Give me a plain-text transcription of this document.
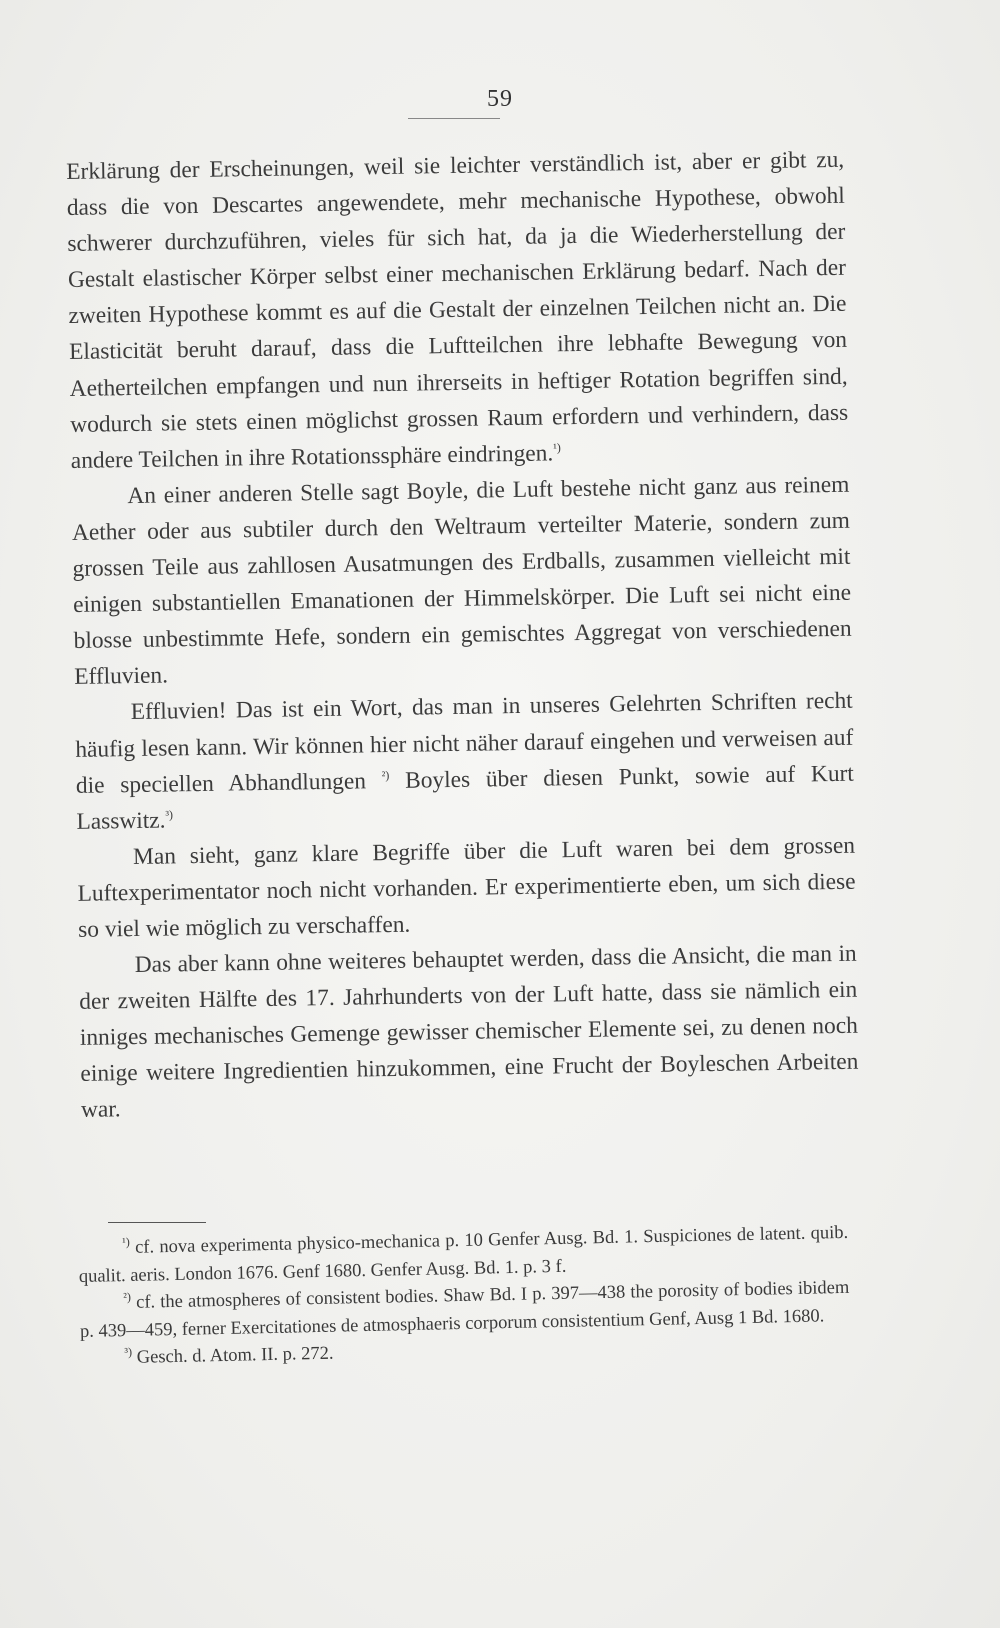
59

Erklärung der Erscheinungen, weil sie leichter verständlich ist, aber er gibt zu, dass die von Descartes angewendete, mehr mechanische Hypothese, obwohl schwerer durchzuführen, vieles für sich hat, da ja die Wiederherstellung der Gestalt elastischer Körper selbst einer mechanischen Erklärung bedarf. Nach der zweiten Hypothese kommt es auf die Gestalt der einzelnen Teilchen nicht an. Die Elasticität beruht darauf, dass die Luftteilchen ihre lebhafte Bewegung von Aetherteilchen empfangen und nun ihrerseits in heftiger Rotation begriffen sind, wodurch sie stets einen möglichst grossen Raum erfordern und verhindern, dass andere Teilchen in ihre Rotationssphäre eindringen.$^{^1)}$

An einer anderen Stelle sagt Boyle, die Luft bestehe nicht ganz aus reinem Aether oder aus subtiler durch den Weltraum verteilter Materie, sondern zum grossen Teile aus zahllosen Ausatmungen des Erdballs, zusammen vielleicht mit einigen substantiellen Emanationen der Himmelskörper. Die Luft sei nicht eine blosse unbestimmte Hefe, sondern ein gemischtes Aggregat von verschiedenen Effluvien.

Effluvien! Das ist ein Wort, das man in unseres Gelehrten Schriften recht häufig lesen kann. Wir können hier nicht näher darauf eingehen und verweisen auf die speciellen Abhandlungen $^{^2)}$ Boyles über diesen Punkt, sowie auf Kurt Lasswitz.$^{^3)}$

Man sieht, ganz klare Begriffe über die Luft waren bei dem grossen Luftexperimentator noch nicht vorhanden. Er experimentierte eben, um sich diese so viel wie möglich zu verschaffen.

Das aber kann ohne weiteres behauptet werden, dass die Ansicht, die man in der zweiten Hälfte des 17. Jahrhunderts von der Luft hatte, dass sie nämlich ein inniges mechanisches Gemenge gewisser chemischer Elemente sei, zu denen noch einige weitere Ingredientien hinzukommen, eine Frucht der Boyleschen Arbeiten war.

$^{^1)}$ cf. nova experimenta physico-mechanica p. 10 Genfer Ausg. Bd. 1. Suspiciones de latent. quib. qualit. aeris. London 1676. Genf 1680. Genfer Ausg. Bd. 1. p. 3 f.

$^{^2)}$ cf. the atmospheres of consistent bodies. Shaw Bd. I p. 397—438 the porosity of bodies ibidem p. 439—459, ferner Exercitationes de atmosphaeris corporum consistentium Genf, Ausg 1 Bd. 1680.

$^{^3)}$ Gesch. d. Atom. II. p. 272.
